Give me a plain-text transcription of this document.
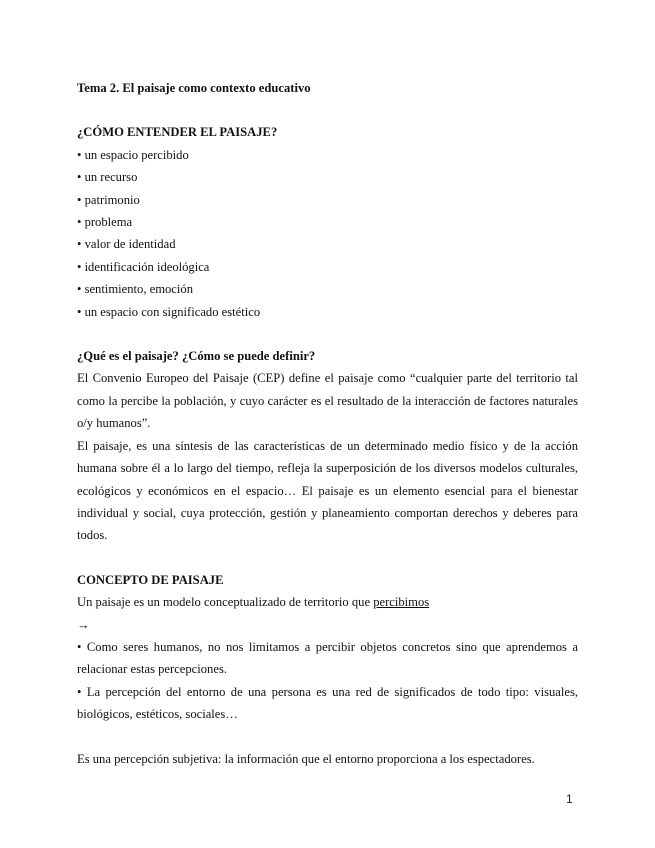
Tema 2. El paisaje como contexto educativo
¿CÓMO ENTENDER EL PAISAJE?
• un espacio percibido
• un recurso
• patrimonio
• problema
• valor de identidad
• identificación ideológica
• sentimiento, emoción
• un espacio con significado estético
¿Qué es el paisaje? ¿Cómo se puede definir?

El Convenio Europeo del Paisaje (CEP) define el paisaje como “cualquier parte del territorio tal como la percibe la población, y cuyo carácter es el resultado de la interacción de factores naturales o/y humanos”.

El paisaje, es una síntesis de las características de un determinado medio físico y de la acción humana sobre él a lo largo del tiempo, refleja la superposición de los diversos modelos culturales, ecológicos y económicos en el espacio… El paisaje es un elemento esencial para el bienestar individual y social, cuya protección, gestión y planeamiento comportan derechos y deberes para todos.

CONCEPTO DE PAISAJE

Un paisaje es un modelo conceptualizado de territorio que percibimos

→

• Como seres humanos, no nos limitamos a percibir objetos concretos sino que aprendemos a relacionar estas percepciones.

• La percepción del entorno de una persona es una red de significados de todo tipo: visuales, biológicos, estéticos, sociales…

Es una percepción subjetiva: la información que el entorno proporciona a los espectadores.

1
